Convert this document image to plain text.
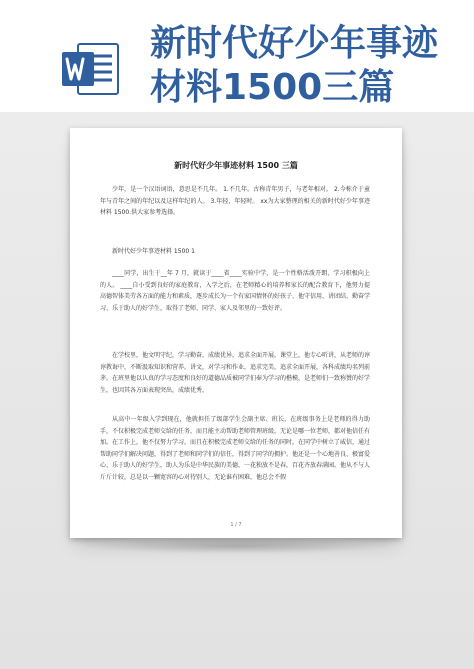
新时代好少年事迹
材料1500三篇
新时代好少年事迹材料 1500 三篇

少年，是一个汉语词语，意思是不几年。 1.不几年。古称青年男子，与老年相对。 2.今称介于童年与青年之间的年纪以及这样年纪的人。 3.年轻，年轻时。 xx为大家整理的相关的新时代好少年事迹材料 1500.供大家参考选择。

新时代好少年事迹材料 1500 1

____同学，出生于__年 7 月，就读于____省____实验中学，是一个性格活泼开朗、学习积极向上的人。 ____自小受到良好的家庭教育，入学之后，在老师精心的培养和家长的配合教育下，他努力提高德智体美劳各方面的能力和素质，逐步成长为一个有家国情怀的好孩子、他守信用、讲团结、勤奋学习、乐于助人的好学生，取得了老师、同学、家人及邻里的一致好评。

在学校里，他文明守纪，学习勤奋，成绩优异，追求全面开展。课堂上，他专心听讲，从老师的谆谆教诲中，不断汲取知识和营养。讲文，对学习和作业，追求完美，追求全面开展，各科成绩均名列前茅。在班里他以认真的学习态度和良好的道德品质被同学们奉为学习的楷模，是老师们一致称赞的好学生，也因其各方面表现突出，成绩优秀。

从高中一年级入学到现在，他就担任了级部学生会副主席、班长，在班级事务上是老师的得力助手，不仅积极完成老师交给的任务，而且能主动帮助老师管理班级，无论是哪一位老师，都对他信任有加。在工作上，他不仅努力学习，而且在积极完成老师交给的任务的同时，在同学中树立了威信，通过帮助同学们解决问题，得到了老师和同学们的信任，得到了同学的拥护。他还是一个心地善良、极富爱心、乐于助人的好学生，助人为乐是中华民族的美德，一花独放不是春，百花齐放春满园。他从不与人斤斤计较，总是以一颗宽容的心对待别人，无论谁有困难，他总会不假

1 / 7
